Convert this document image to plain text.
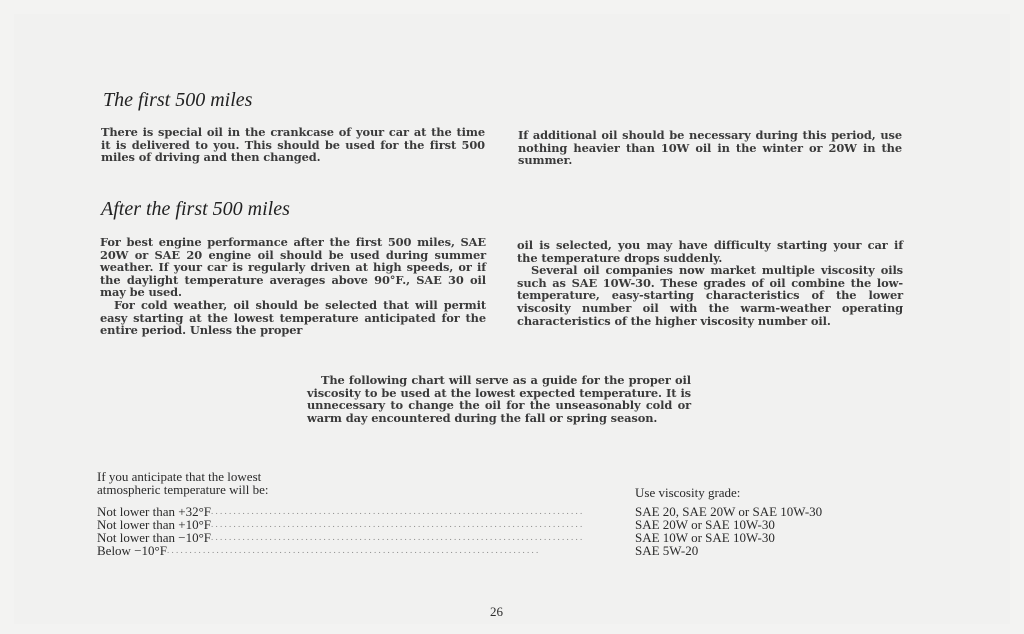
The first 500 miles
There is special oil in the crankcase of your car at the time it is delivered to you. This should be used for the first 500 miles of driving and then changed.
If additional oil should be necessary during this period, use nothing heavier than 10W oil in the winter or 20W in the summer.
After the first 500 miles
For best engine performance after the first 500 miles, SAE 20W or SAE 20 engine oil should be used during summer weather. If your car is regularly driven at high speeds, or if the daylight temperature averages above 90°F., SAE 30 oil may be used.
For cold weather, oil should be selected that will permit easy starting at the lowest temperature anticipated for the entire period. Unless the proper
oil is selected, you may have difficulty starting your car if the temperature drops suddenly.
Several oil companies now market multiple viscosity oils such as SAE 10W-30. These grades of oil combine the low-temperature, easy-starting characteristics of the lower viscosity number oil with the warm-weather operating characteristics of the higher viscosity number oil.
The following chart will serve as a guide for the proper oil viscosity to be used at the lowest expected temperature. It is unnecessary to change the oil for the unseasonably cold or warm day encountered during the fall or spring season.
If you anticipate that the lowest
atmospheric temperature will be:	Use viscosity grade:
Not lower than +32°F . . . . . . . . . . . . . . . . . . . . . . . . . . . . . . . . . . . . . . . . . . . . . . . . . . . . . . . . . . . . . . . . . . . . . . . . . . . . . . . . . . .	SAE 20, SAE 20W or SAE 10W-30
Not lower than +10°F . . . . . . . . . . . . . . . . . . . . . . . . . . . . . . . . . . . . . . . . . . . . . . . . . . . . . . . . . . . . . . . . . . . . . . . . . . . . . . . . . . .	SAE 20W or SAE 10W-30
Not lower than −10°F . . . . . . . . . . . . . . . . . . . . . . . . . . . . . . . . . . . . . . . . . . . . . . . . . . . . . . . . . . . . . . . . . . . . . . . . . . . . . . . . . . .	SAE 10W or SAE 10W-30
Below −10°F . . . . . . . . . . . . . . . . . . . . . . . . . . . . . . . . . . . . . . . . . . . . . . . . . . . . . . . . . . . . . . . . . . . . . . . . . . . . . . . . . . .	SAE 5W-20
26
